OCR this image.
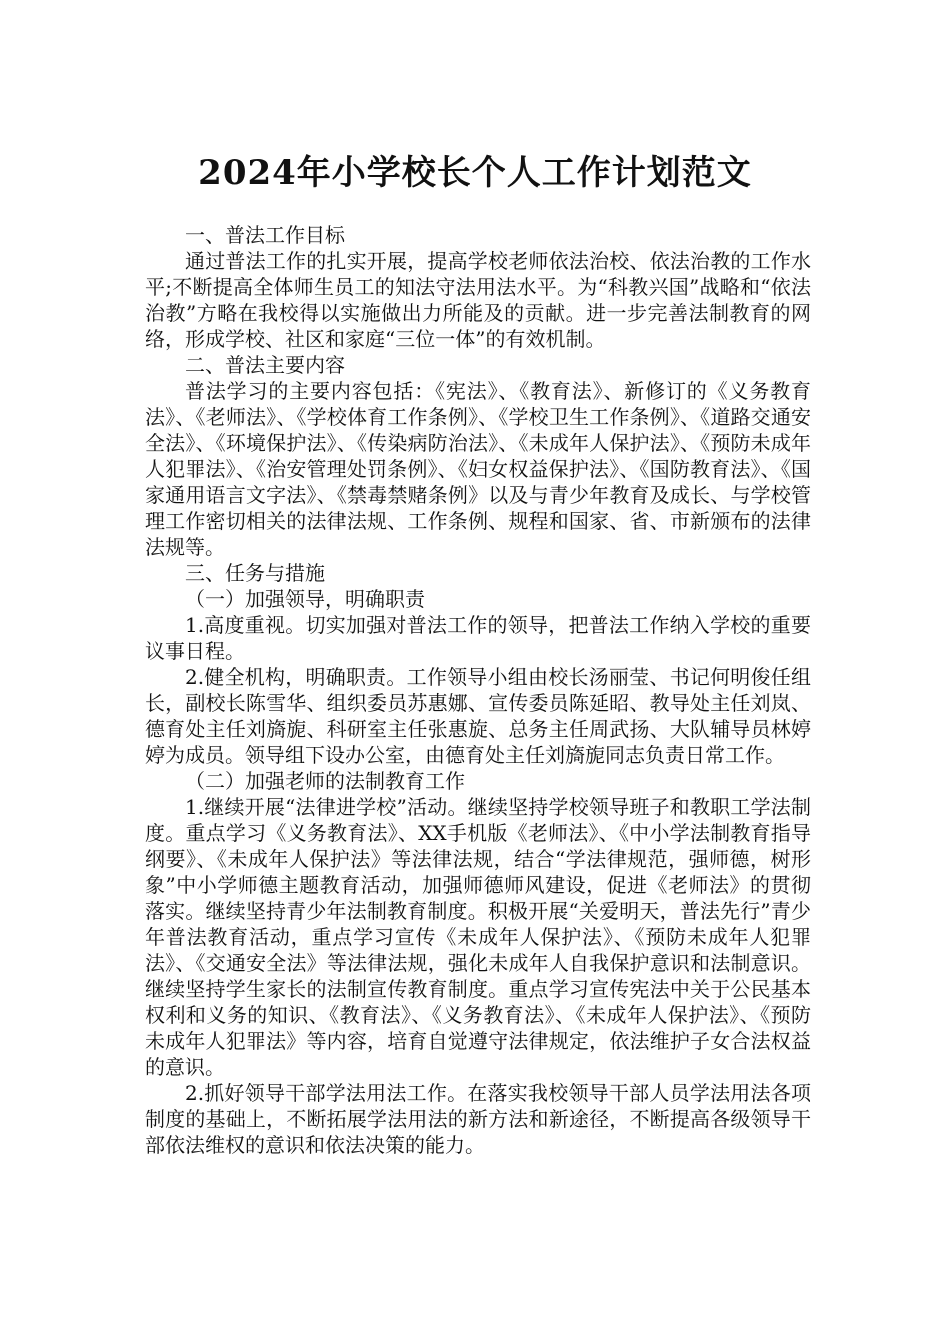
2024年小学校长个人工作计划范文

一、普法工作目标

通过普法工作的扎实开展，提高学校老师依法治校、依法治教的工作水平;不断提高全体师生员工的知法守法用法水平。为“科教兴国”战略和“依法治教”方略在我校得以实施做出力所能及的贡献。进一步完善法制教育的网络，形成学校、社区和家庭“三位一体”的有效机制。

二、普法主要内容

普法学习的主要内容包括：《宪法》、《教育法》、新修订的《义务教育法》、《老师法》、《学校体育工作条例》、《学校卫生工作条例》、《道路交通安全法》、《环境保护法》、《传染病防治法》、《未成年人保护法》、《预防未成年人犯罪法》、《治安管理处罚条例》、《妇女权益保护法》、《国防教育法》、《国家通用语言文字法》、《禁毒禁赌条例》以及与青少年教育及成长、与学校管理工作密切相关的法律法规、工作条例、规程和国家、省、市新颁布的法律法规等。

三、任务与措施

（一）加强领导，明确职责

1.高度重视。切实加强对普法工作的领导，把普法工作纳入学校的重要议事日程。

2.健全机构，明确职责。工作领导小组由校长汤丽莹、书记何明俊任组长，副校长陈雪华、组织委员苏惠娜、宣传委员陈延昭、教导处主任刘岚、德育处主任刘旖旎、科研室主任张惠旋、总务主任周武扬、大队辅导员林婷婷为成员。领导组下设办公室，由德育处主任刘旖旎同志负责日常工作。

（二）加强老师的法制教育工作

1.继续开展“法律进学校”活动。继续坚持学校领导班子和教职工学法制度。重点学习《义务教育法》、XX手机版《老师法》、《中小学法制教育指导纲要》、《未成年人保护法》等法律法规，结合“学法律规范，强师德，树形象”中小学师德主题教育活动，加强师德师风建设，促进《老师法》的贯彻落实。继续坚持青少年法制教育制度。积极开展“关爱明天，普法先行”青少年普法教育活动，重点学习宣传《未成年人保护法》、《预防未成年人犯罪法》、《交通安全法》等法律法规，强化未成年人自我保护意识和法制意识。继续坚持学生家长的法制宣传教育制度。重点学习宣传宪法中关于公民基本权利和义务的知识、《教育法》、《义务教育法》、《未成年人保护法》、《预防未成年人犯罪法》等内容，培育自觉遵守法律规定，依法维护子女合法权益的意识。

2.抓好领导干部学法用法工作。在落实我校领导干部人员学法用法各项制度的基础上，不断拓展学法用法的新方法和新途径，不断提高各级领导干部依法维权的意识和依法决策的能力。
